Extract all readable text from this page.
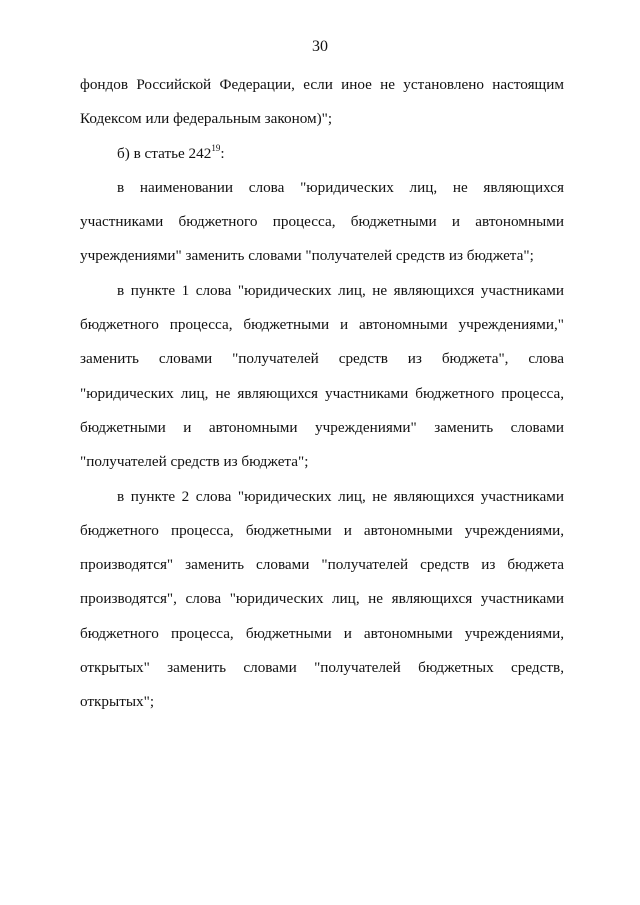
30

фондов Российской Федерации, если иное не установлено настоящим Кодексом или федеральным законом)";

б) в статье $242^{19}$:

в наименовании слова "юридических лиц, не являющихся участниками бюджетного процесса, бюджетными и автономными учреждениями" заменить словами "получателей средств из бюджета";

в пункте 1 слова "юридических лиц, не являющихся участниками бюджетного процесса, бюджетными и автономными учреждениями," заменить словами "получателей средств из бюджета", слова "юридических лиц, не являющихся участниками бюджетного процесса, бюджетными и автономными учреждениями" заменить словами "получателей средств из бюджета";

в пункте 2 слова "юридических лиц, не являющихся участниками бюджетного процесса, бюджетными и автономными учреждениями, производятся" заменить словами "получателей средств из бюджета производятся", слова "юридических лиц, не являющихся участниками бюджетного процесса, бюджетными и автономными учреждениями, открытых" заменить словами "получателей бюджетных средств, открытых";
